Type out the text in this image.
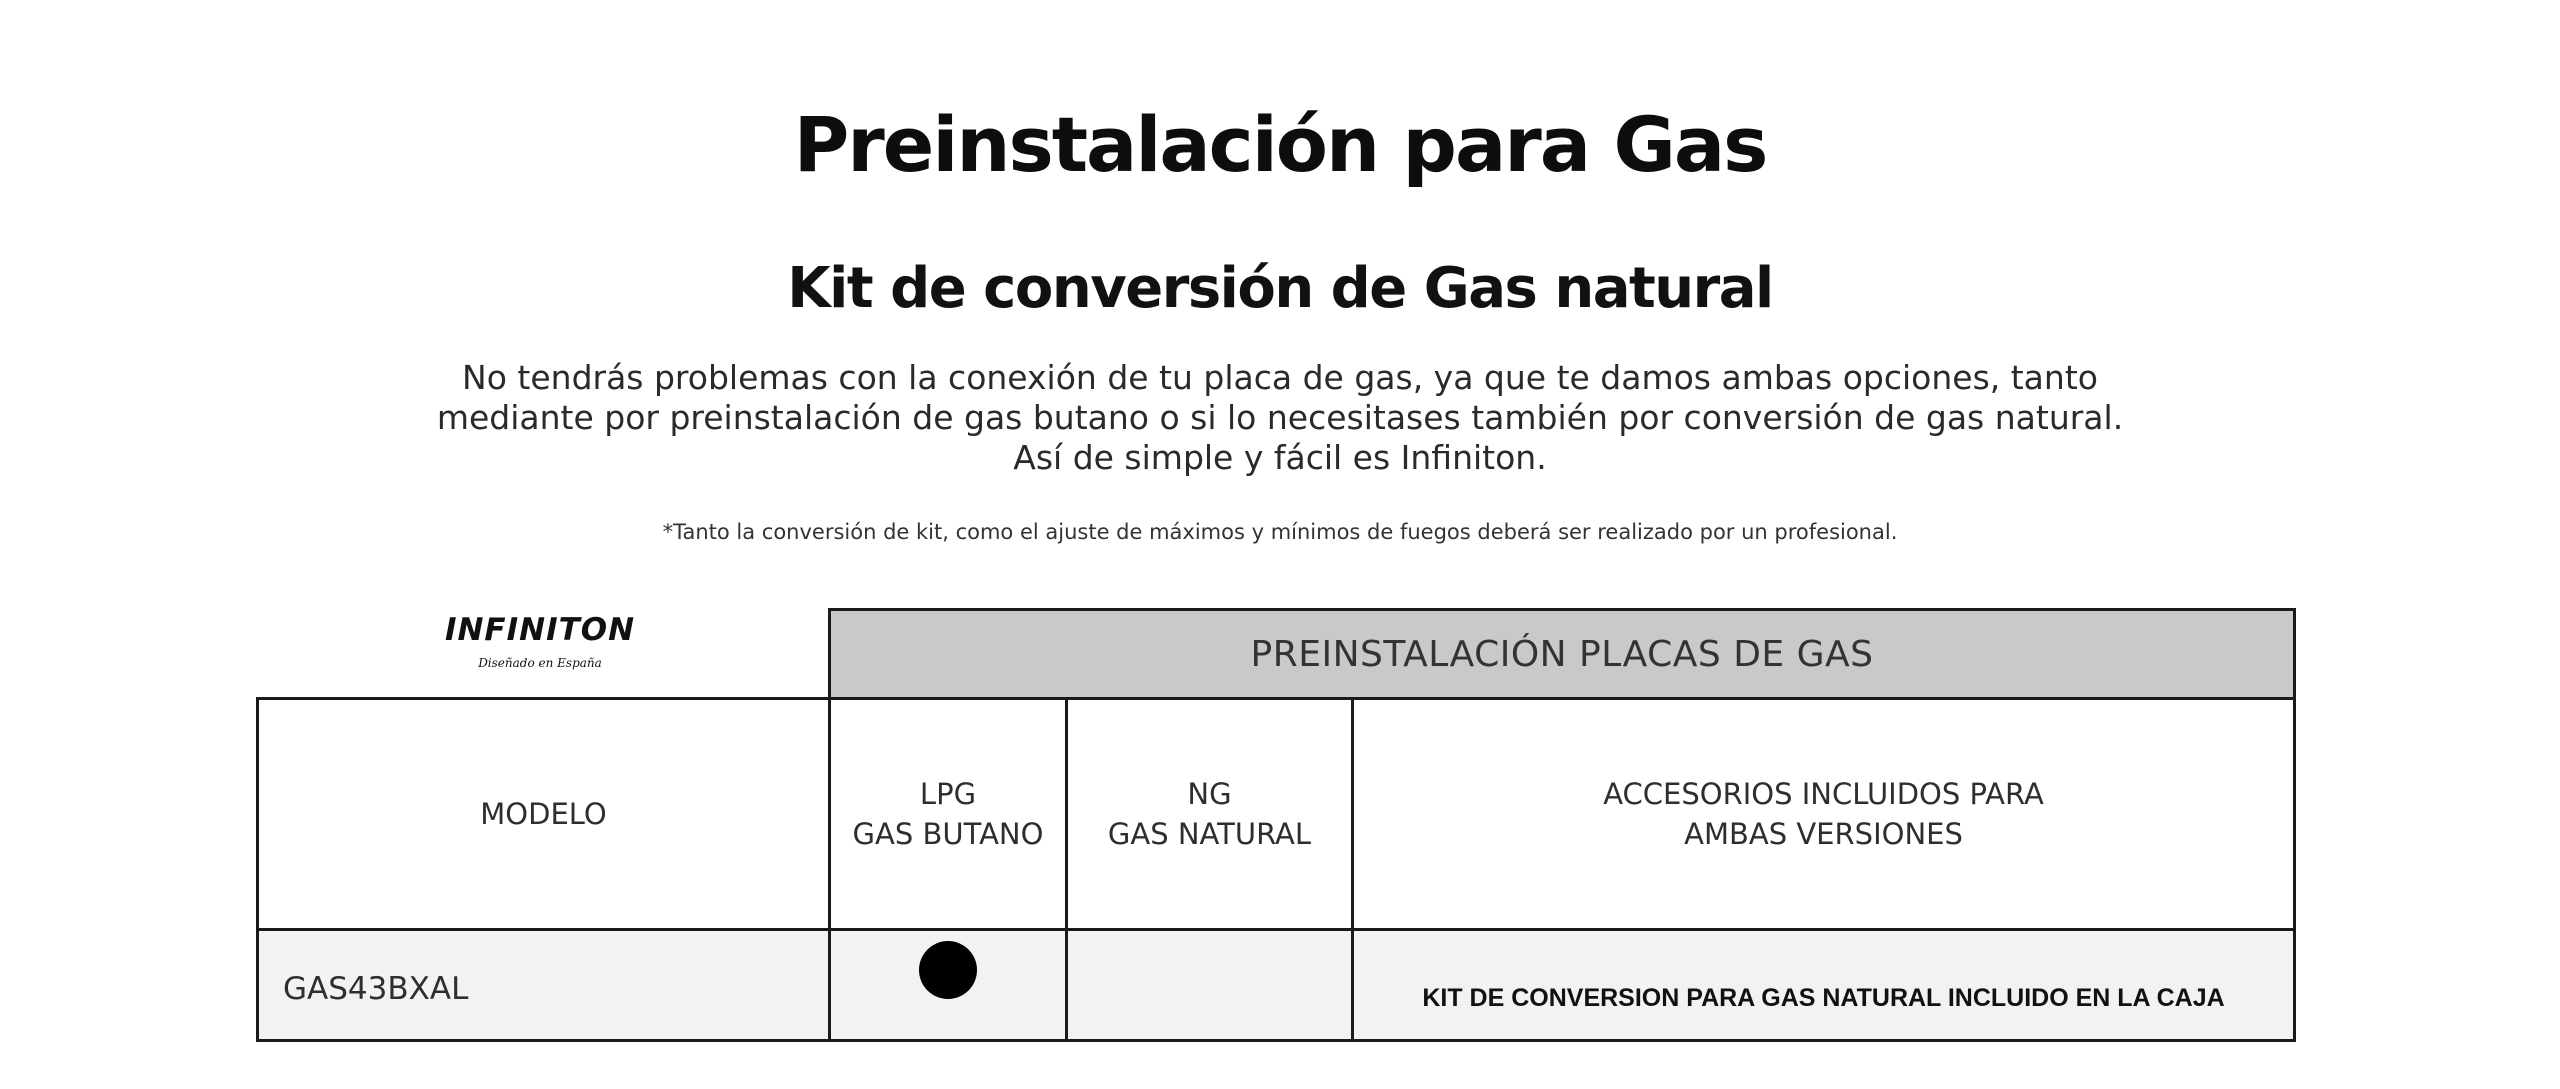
Preinstalación para Gas
Kit de conversión de Gas natural
No tendrás problemas con la conexión de tu placa de gas, ya que te damos ambas opciones, tanto
mediante por preinstalación de gas butano o si lo necesitases también por conversión de gas natural.
Así de simple y fácil es Infiniton.
*Tanto la conversión de kit, como el ajuste de máximos y mínimos de fuegos deberá ser realizado por un profesional.
INFINITON
Diseñado en España	PREINSTALACIÓN PLACAS DE GAS
MODELO
LPG
GAS BUTANO
NG
GAS NATURAL
ACCESORIOS INCLUIDOS PARA
AMBAS VERSIONES
GAS43BXAL	KIT DE CONVERSION PARA GAS NATURAL INCLUIDO EN LA CAJA
